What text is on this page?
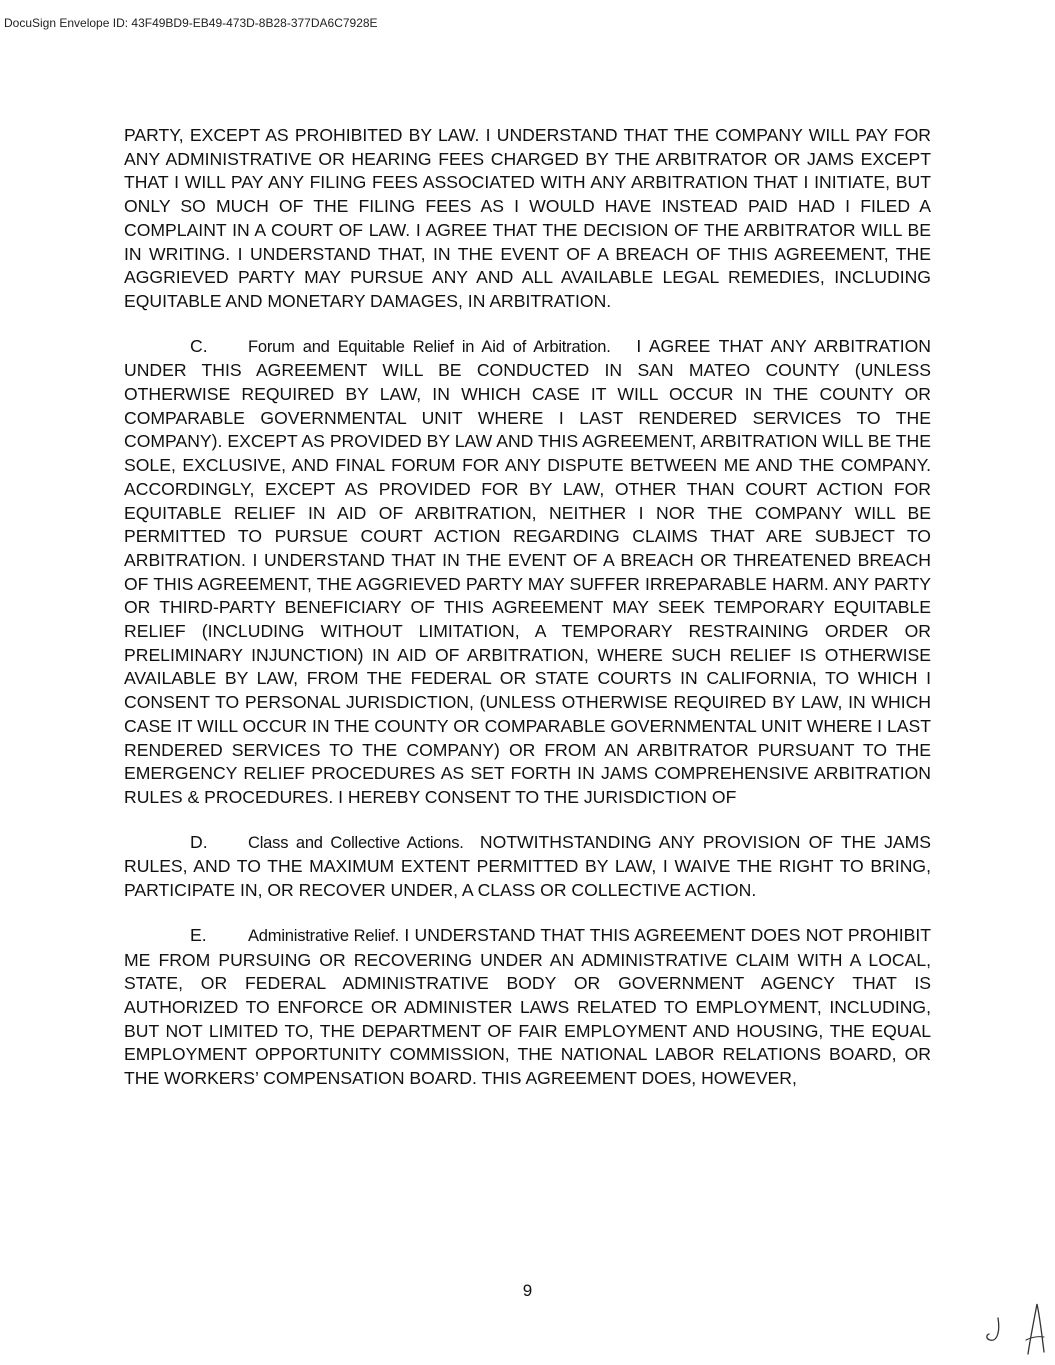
DocuSign Envelope ID: 43F49BD9-EB49-473D-8B28-377DA6C7928E

PARTY, EXCEPT AS PROHIBITED BY LAW. I UNDERSTAND THAT THE COMPANY WILL PAY FOR ANY ADMINISTRATIVE OR HEARING FEES CHARGED BY THE ARBITRATOR OR JAMS EXCEPT THAT I WILL PAY ANY FILING FEES ASSOCIATED WITH ANY ARBITRATION THAT I INITIATE, BUT ONLY SO MUCH OF THE FILING FEES AS I WOULD HAVE INSTEAD PAID HAD I FILED A COMPLAINT IN A COURT OF LAW. I AGREE THAT THE DECISION OF THE ARBITRATOR WILL BE IN WRITING. I UNDERSTAND THAT, IN THE EVENT OF A BREACH OF THIS AGREEMENT, THE AGGRIEVED PARTY MAY PURSUE ANY AND ALL AVAILABLE LEGAL REMEDIES, INCLUDING EQUITABLE AND MONETARY DAMAGES, IN ARBITRATION.

C. Forum and Equitable Relief in Aid of Arbitration. I AGREE THAT ANY ARBITRATION UNDER THIS AGREEMENT WILL BE CONDUCTED IN SAN MATEO COUNTY (UNLESS OTHERWISE REQUIRED BY LAW, IN WHICH CASE IT WILL OCCUR IN THE COUNTY OR COMPARABLE GOVERNMENTAL UNIT WHERE I LAST RENDERED SERVICES TO THE COMPANY). EXCEPT AS PROVIDED BY LAW AND THIS AGREEMENT, ARBITRATION WILL BE THE SOLE, EXCLUSIVE, AND FINAL FORUM FOR ANY DISPUTE BETWEEN ME AND THE COMPANY. ACCORDINGLY, EXCEPT AS PROVIDED FOR BY LAW, OTHER THAN COURT ACTION FOR EQUITABLE RELIEF IN AID OF ARBITRATION, NEITHER I NOR THE COMPANY WILL BE PERMITTED TO PURSUE COURT ACTION REGARDING CLAIMS THAT ARE SUBJECT TO ARBITRATION. I UNDERSTAND THAT IN THE EVENT OF A BREACH OR THREATENED BREACH OF THIS AGREEMENT, THE AGGRIEVED PARTY MAY SUFFER IRREPARABLE HARM. ANY PARTY OR THIRD-PARTY BENEFICIARY OF THIS AGREEMENT MAY SEEK TEMPORARY EQUITABLE RELIEF (INCLUDING WITHOUT LIMITATION, A TEMPORARY RESTRAINING ORDER OR PRELIMINARY INJUNCTION) IN AID OF ARBITRATION, WHERE SUCH RELIEF IS OTHERWISE AVAILABLE BY LAW, FROM THE FEDERAL OR STATE COURTS IN CALIFORNIA, TO WHICH I CONSENT TO PERSONAL JURISDICTION, (UNLESS OTHERWISE REQUIRED BY LAW, IN WHICH CASE IT WILL OCCUR IN THE COUNTY OR COMPARABLE GOVERNMENTAL UNIT WHERE I LAST RENDERED SERVICES TO THE COMPANY) OR FROM AN ARBITRATOR PURSUANT TO THE EMERGENCY RELIEF PROCEDURES AS SET FORTH IN JAMS COMPREHENSIVE ARBITRATION RULES & PROCEDURES. I HEREBY CONSENT TO THE JURISDICTION OF

D. Class and Collective Actions. NOTWITHSTANDING ANY PROVISION OF THE JAMS RULES, AND TO THE MAXIMUM EXTENT PERMITTED BY LAW, I WAIVE THE RIGHT TO BRING, PARTICIPATE IN, OR RECOVER UNDER, A CLASS OR COLLECTIVE ACTION.

E.	Administrative Relief. I UNDERSTAND THAT THIS AGREEMENT DOES NOT PROHIBIT ME FROM PURSUING OR RECOVERING UNDER AN ADMINISTRATIVE CLAIM WITH A LOCAL, STATE, OR FEDERAL ADMINISTRATIVE BODY OR GOVERNMENT AGENCY THAT IS AUTHORIZED TO ENFORCE OR ADMINISTER LAWS RELATED TO EMPLOYMENT, INCLUDING, BUT NOT LIMITED TO, THE DEPARTMENT OF FAIR EMPLOYMENT AND HOUSING, THE EQUAL EMPLOYMENT OPPORTUNITY COMMISSION, THE NATIONAL LABOR RELATIONS BOARD, OR THE WORKERS’ COMPENSATION BOARD. THIS AGREEMENT DOES, HOWEVER,

9
